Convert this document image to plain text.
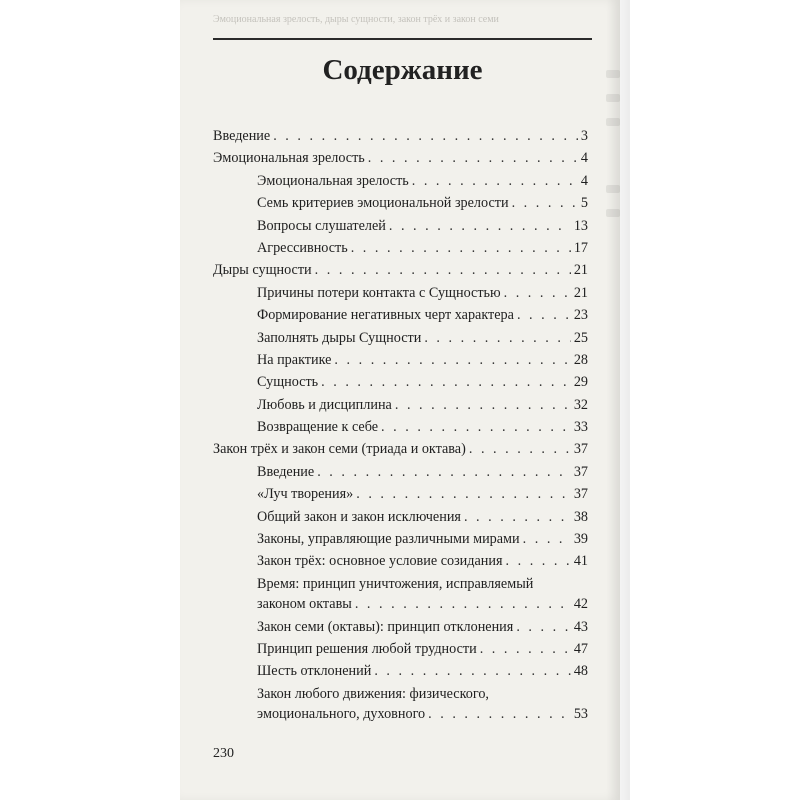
Эмоциональная зрелость, дыры сущности, закон трёх и закон семи
Содержание
Введение . . .	3
Эмоциональная зрелость . . .	4
Эмоциональная зрелость . . .	4
Семь критериев эмоциональной зрелости . . .	5
Вопросы слушателей . . .	13
Агрессивность . . .	17
Дыры сущности . . .	21
Причины потери контакта с Сущностью . . .	21
Формирование негативных черт характера . . .	23
Заполнять дыры Сущности . . .	25
На практике . . .	28
Сущность . . .	29
Любовь и дисциплина . . .	32
Возвращение к себе . . .	33
Закон трёх и закон семи (триада и октава) . . .	37
Введение . . .	37
«Луч творения» . . .	37
Общий закон и закон исключения . . .	38
Законы, управляющие различными мирами . . .	39
Закон трёх: основное условие созидания . . .	41
Время: принцип уничтожения, исправляемый
законом октавы . . .	42
Закон семи (октавы): принцип отклонения . . .	43
Принцип решения любой трудности . . .	47
Шесть отклонений . . .	48
Закон любого движения: физического,
эмоционального, духовного . . .	53
230
